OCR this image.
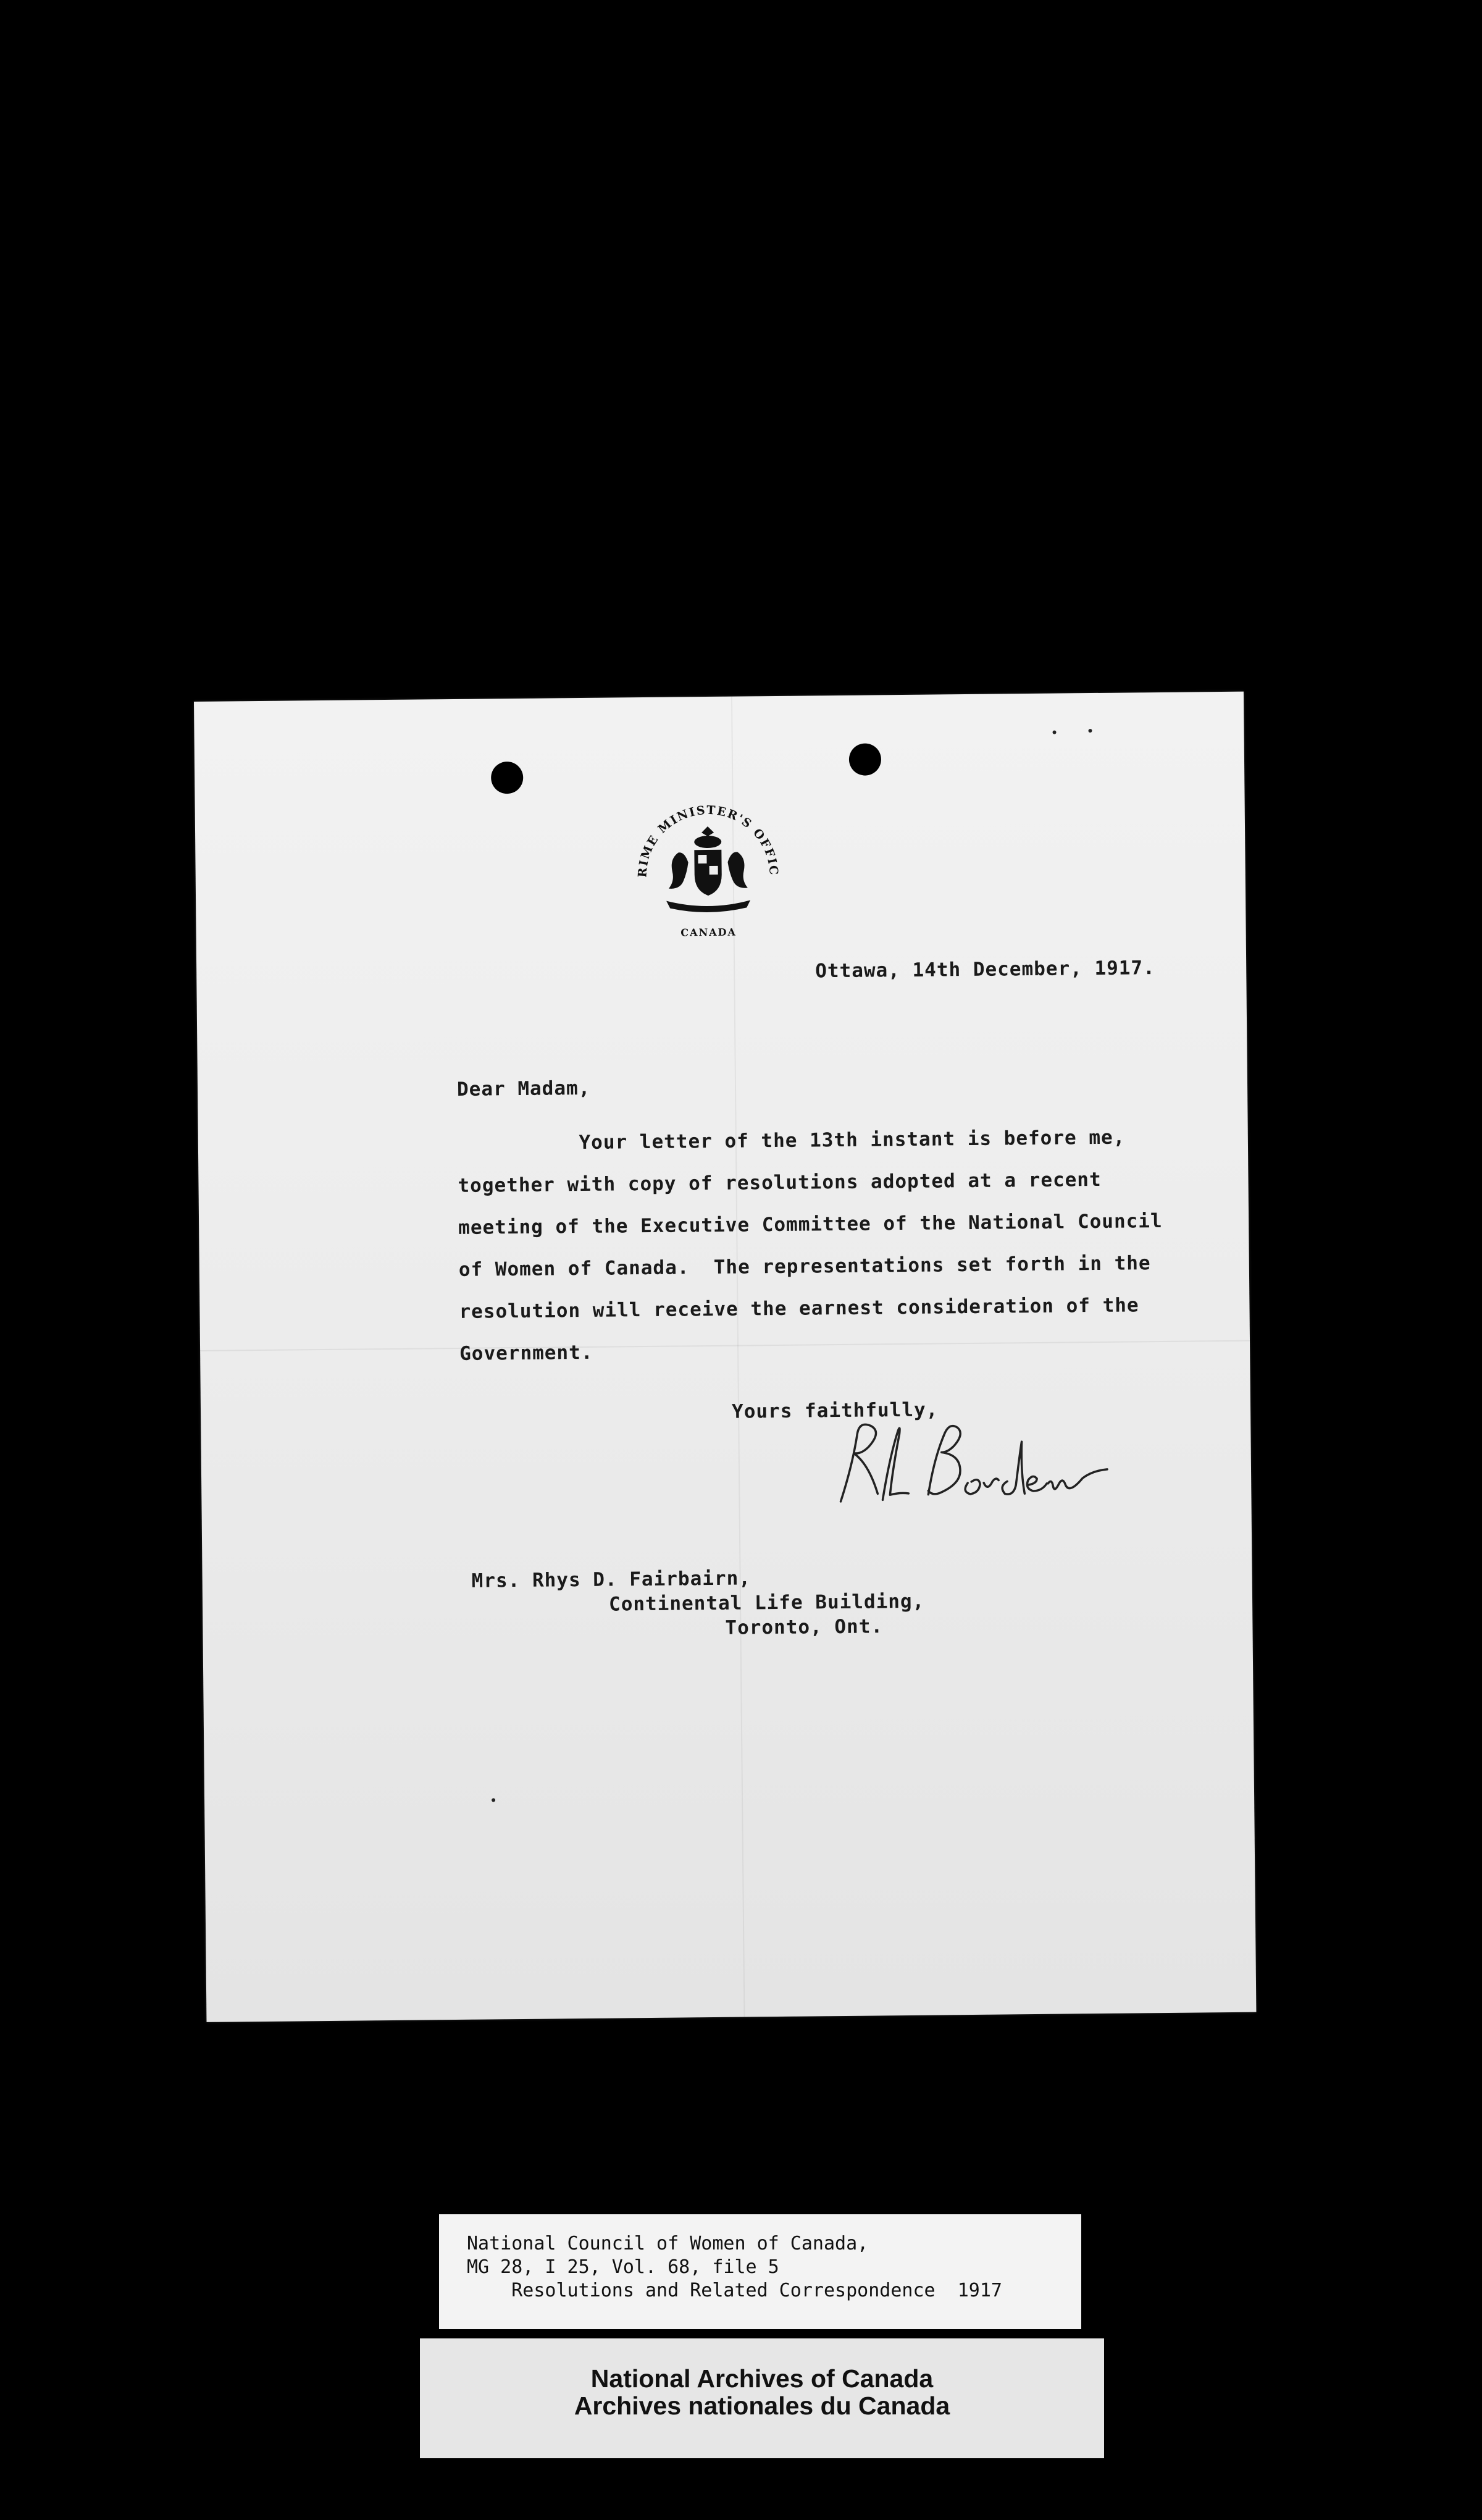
PRIME MINISTER'S OFFICE
CANADA
Ottawa, 14th December, 1917.
Dear Madam,
Your letter of the 13th instant is before me,
together with copy of resolutions adopted at a recent
meeting of the Executive Committee of the National Council
of Women of Canada.  The representations set forth in the
resolution will receive the earnest consideration of the
Government.
Yours faithfully,
Mrs. Rhys D. Fairbairn,
Continental Life Building,
Toronto, Ont.
National Council of Women of Canada,
MG 28, I 25, Vol. 68, file 5
Resolutions and Related Correspondence  1917
National Archives of Canada
Archives nationales du Canada
